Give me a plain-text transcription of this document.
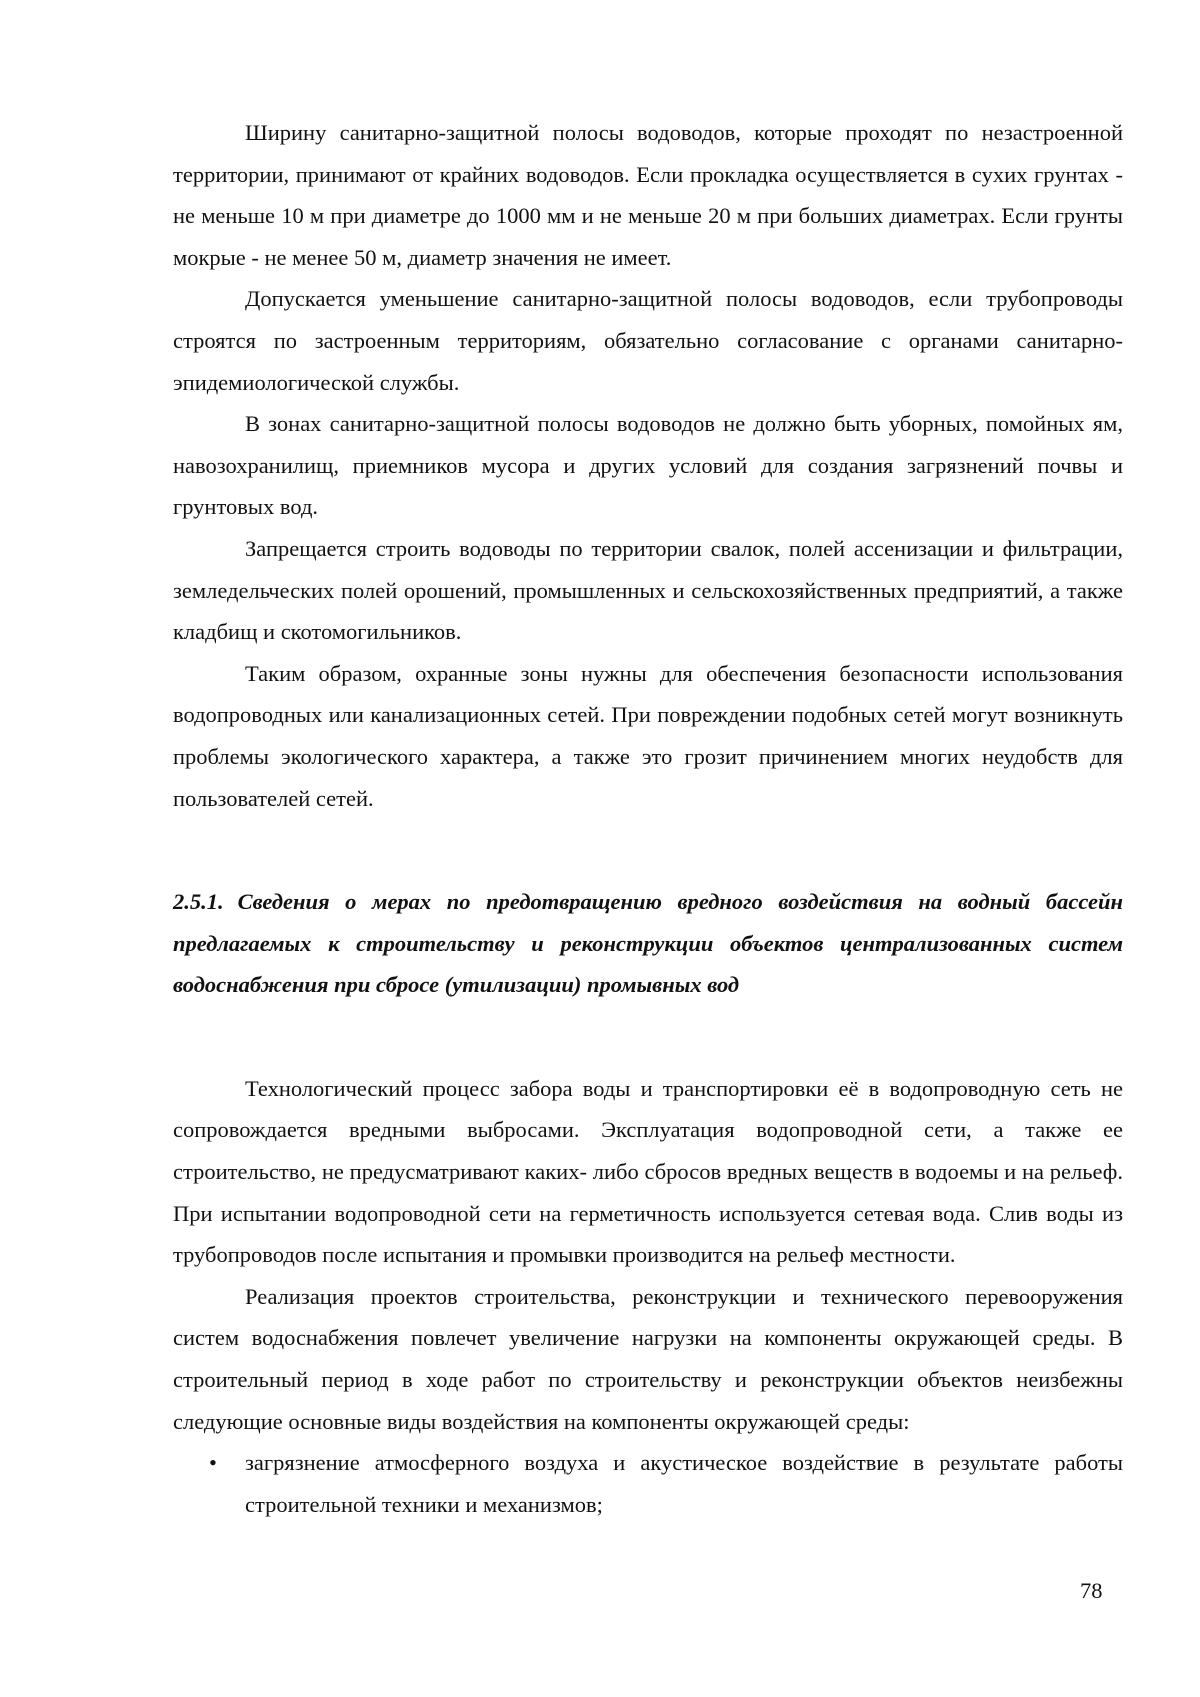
Ширину санитарно-защитной полосы водоводов, которые проходят по незастроенной территории, принимают от крайних водоводов. Если прокладка осуществляется в сухих грунтах - не меньше 10 м при диаметре до 1000 мм и не меньше 20 м при больших диаметрах. Если грунты мокрые - не менее 50 м, диаметр значения не имеет.

Допускается уменьшение санитарно-защитной полосы водоводов, если трубопроводы строятся по застроенным территориям, обязательно согласование с органами санитарно-эпидемиологической службы.

В зонах санитарно-защитной полосы водоводов не должно быть уборных, помойных ям, навозохранилищ, приемников мусора и других условий для создания загрязнений почвы и грунтовых вод.

Запрещается строить водоводы по территории свалок, полей ассенизации и фильтрации, земледельческих полей орошений, промышленных и сельскохозяйственных предприятий, а также кладбищ и скотомогильников.

Таким образом, охранные зоны нужны для обеспечения безопасности использования водопроводных или канализационных сетей. При повреждении подобных сетей могут возникнуть проблемы экологического характера, а также это грозит причинением многих неудобств для пользователей сетей.

2.5.1. Сведения о мерах по предотвращению вредного воздействия на водный бассейн предлагаемых к строительству и реконструкции объектов централизованных систем водоснабжения при сбросе (утилизации) промывных вод

Технологический процесс забора воды и транспортировки её в водопроводную сеть не сопровождается вредными выбросами. Эксплуатация водопроводной сети, а также ее строительство, не предусматривают каких- либо сбросов вредных веществ в водоемы и на рельеф. При испытании водопроводной сети на герметичность используется сетевая вода. Слив воды из трубопроводов после испытания и промывки производится на рельеф местности.

Реализация проектов строительства, реконструкции и технического перевооружения систем водоснабжения повлечет увеличение нагрузки на компоненты окружающей среды. В строительный период в ходе работ по строительству и реконструкции объектов неизбежны следующие основные виды воздействия на компоненты окружающей среды:

• загрязнение атмосферного воздуха и акустическое воздействие в результате работы строительной техники и механизмов;
78
